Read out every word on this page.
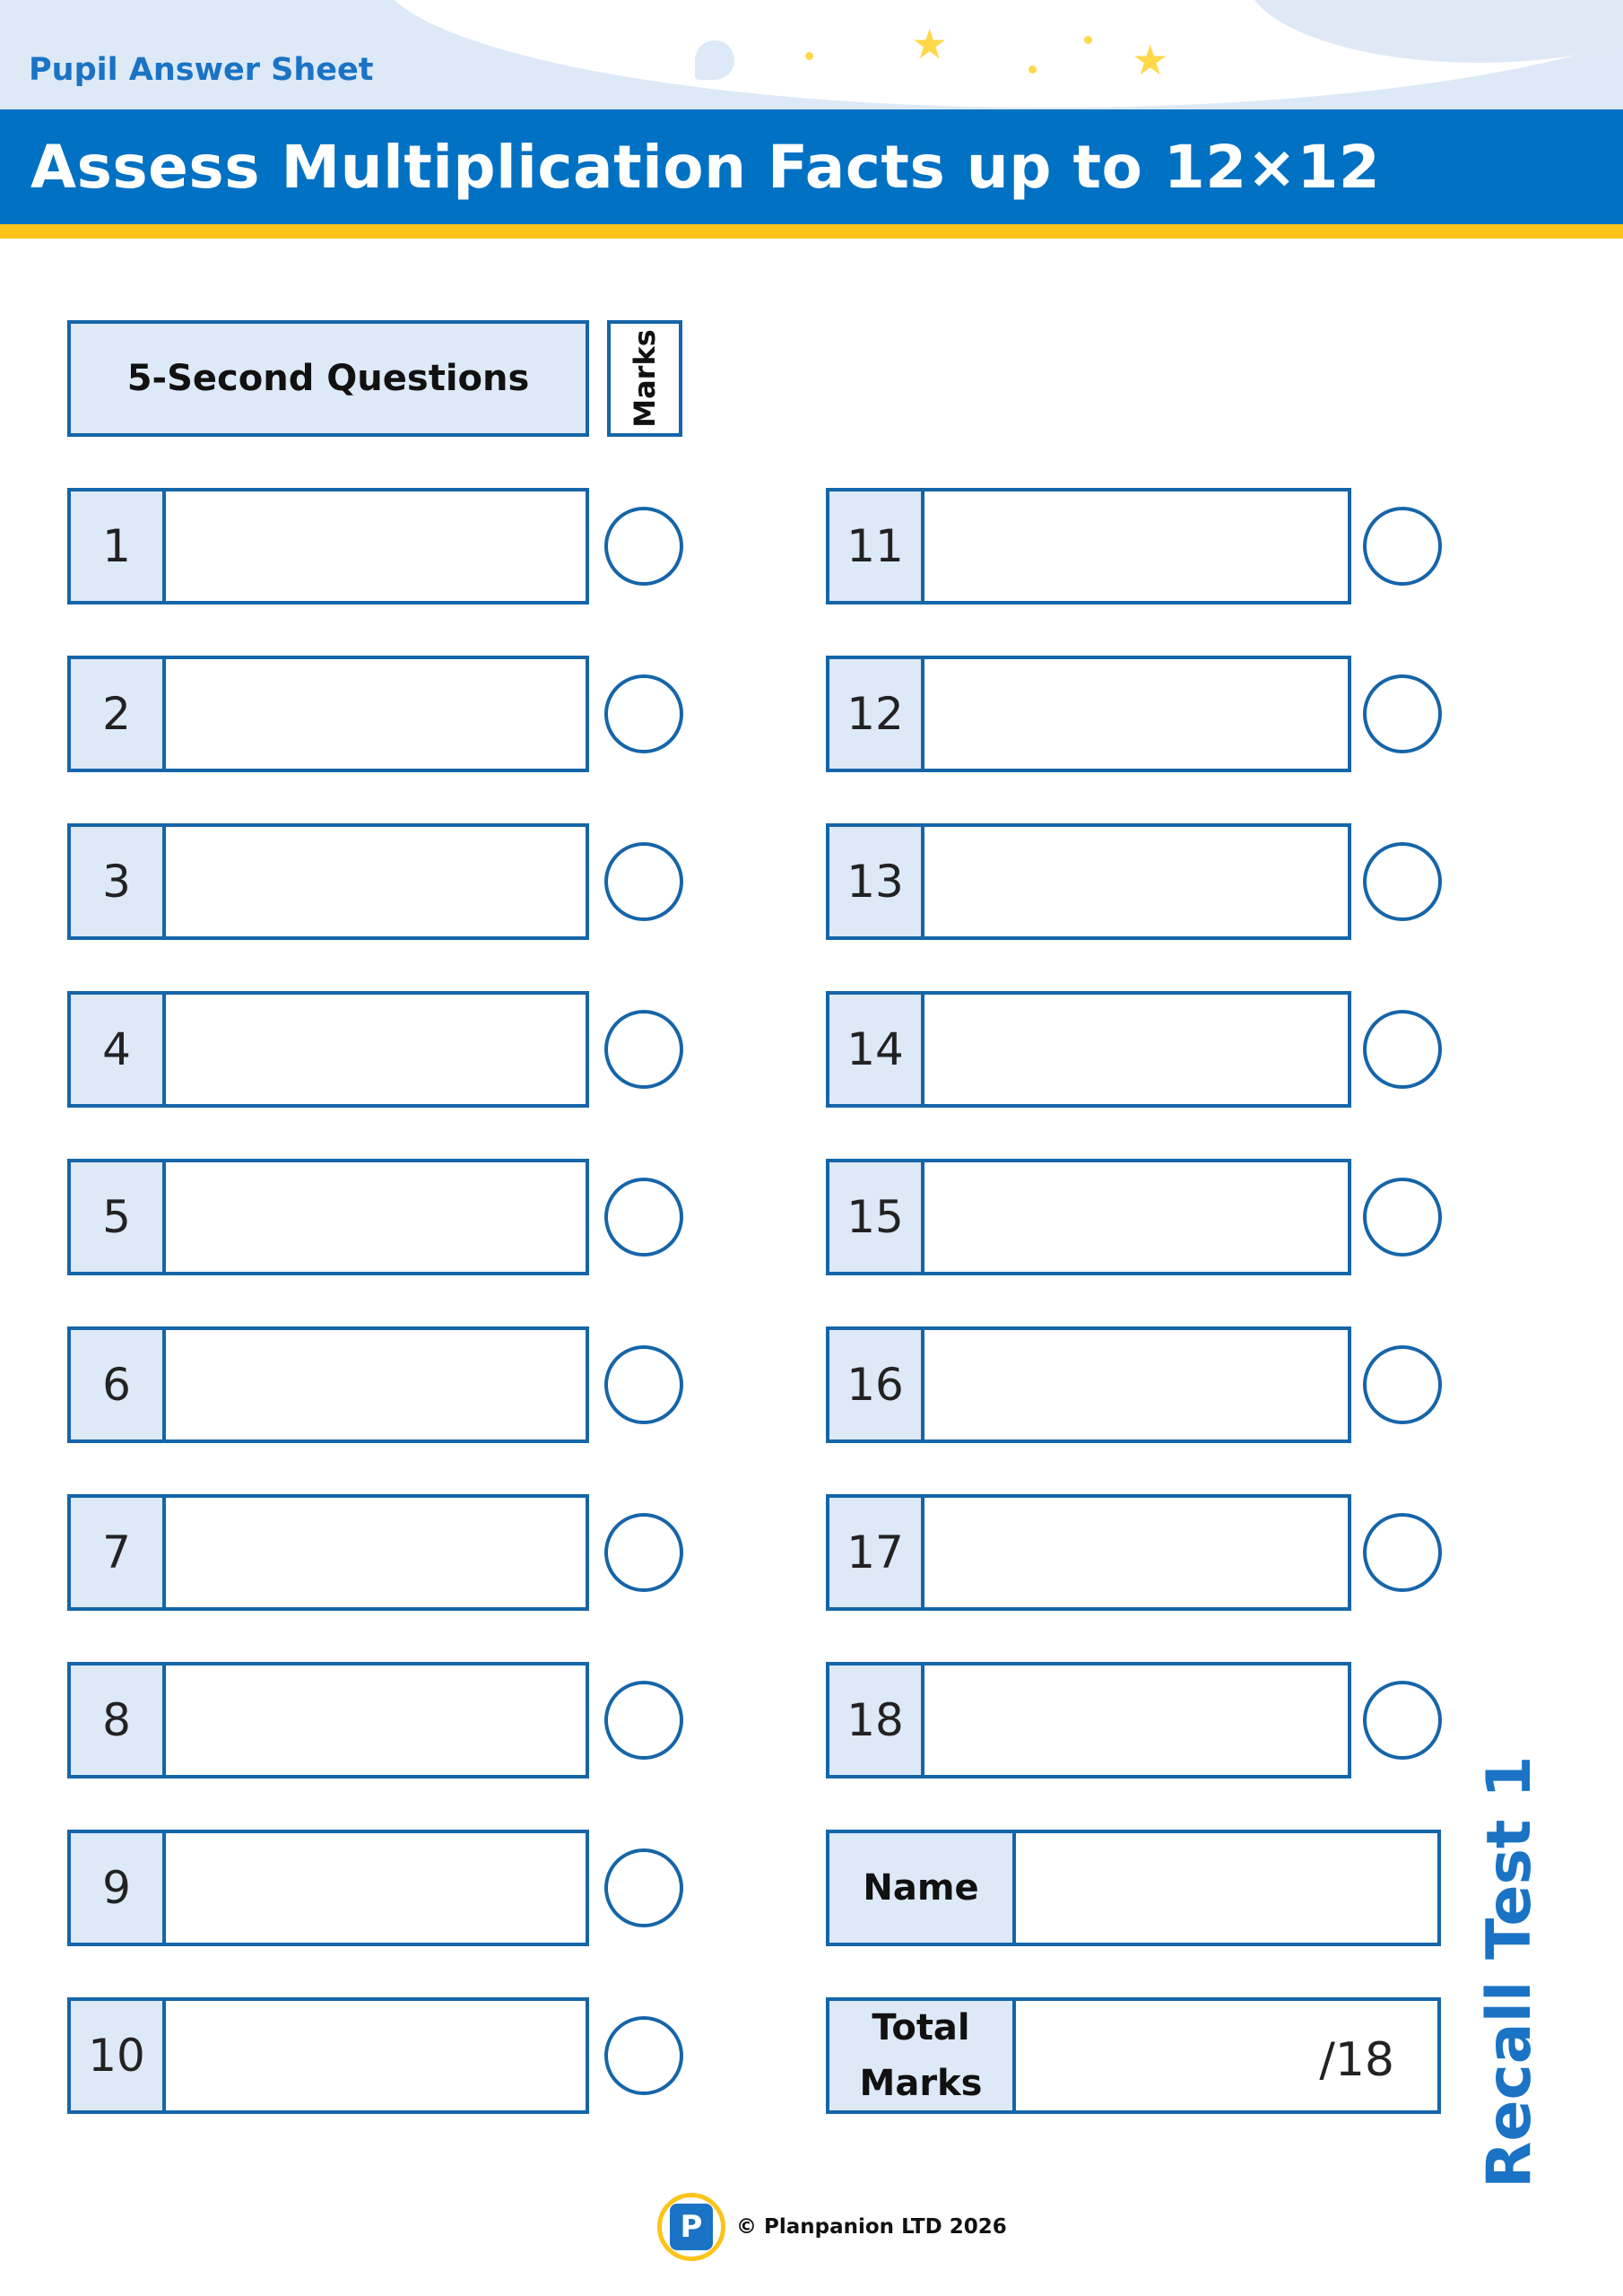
★	★
Pupil Answer Sheet
Assess Multiplication Facts up to 12×12
5-Second Questions	Marks
1
2
3
4
5
6
7
8
9
10
11
12
13
14
15
16
17
18
Name
Total
Marks	/18 Recall Test 1
P	© Planpanion LTD 2026
